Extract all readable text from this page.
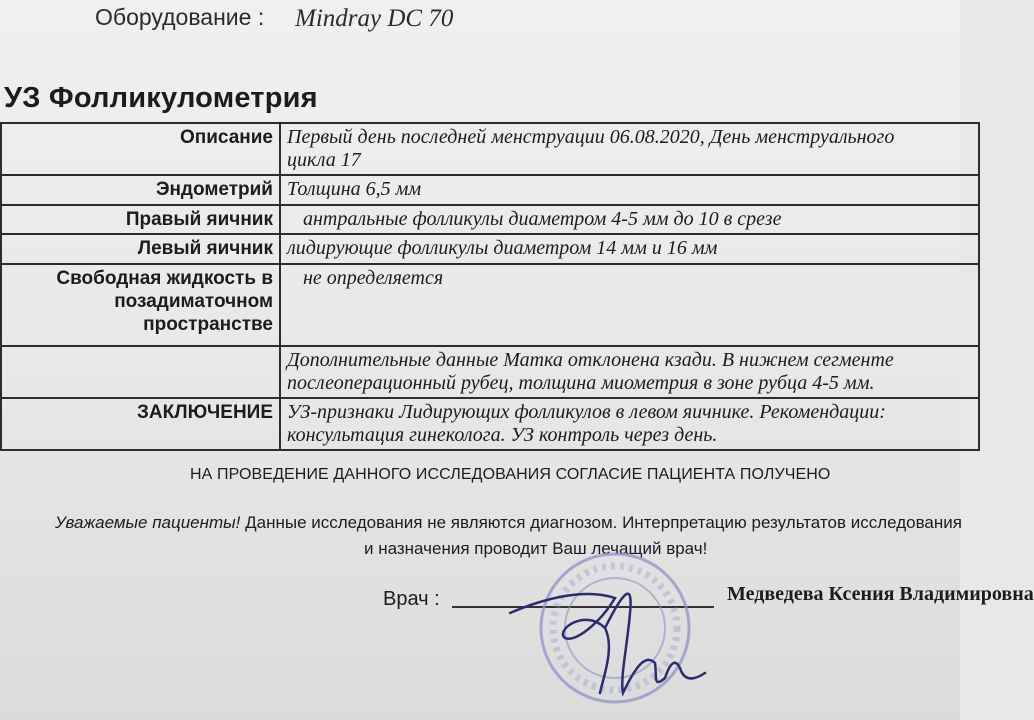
Оборудование : Mindray DC 70
УЗ Фолликулометрия
Описание	Первый день последней менструации 06.08.2020, День менструального
цикла 17

Эндометрий	Толщина 6,5 мм
Правый яичник	антральные фолликулы диаметром 4-5 мм до 10 в срезе
Левый яичник	лидирующие фолликулы диаметром 14 мм и 16 мм
Свободная жидкость в позадиматочном пространстве	не определяется

	Дополнительные данные Матка отклонена кзади. В нижнем сегменте
послеоперационный рубец, толщина миометрия в зоне рубца 4-5 мм.

ЗАКЛЮЧЕНИЕ	УЗ-признаки Лидирующих фолликулов в левом яичнике. Рекомендации:
консультация гинеколога. УЗ контроль через день.
НА ПРОВЕДЕНИЕ ДАННОГО ИССЛЕДОВАНИЯ СОГЛАСИЕ ПАЦИЕНТА ПОЛУЧЕНО
Уважаемые пациенты! Данные исследования не являются диагнозом. Интерпретацию результатов исследования
и назначения проводит Ваш лечащий врач!
Врач :	Медведева Ксения Владимировна
